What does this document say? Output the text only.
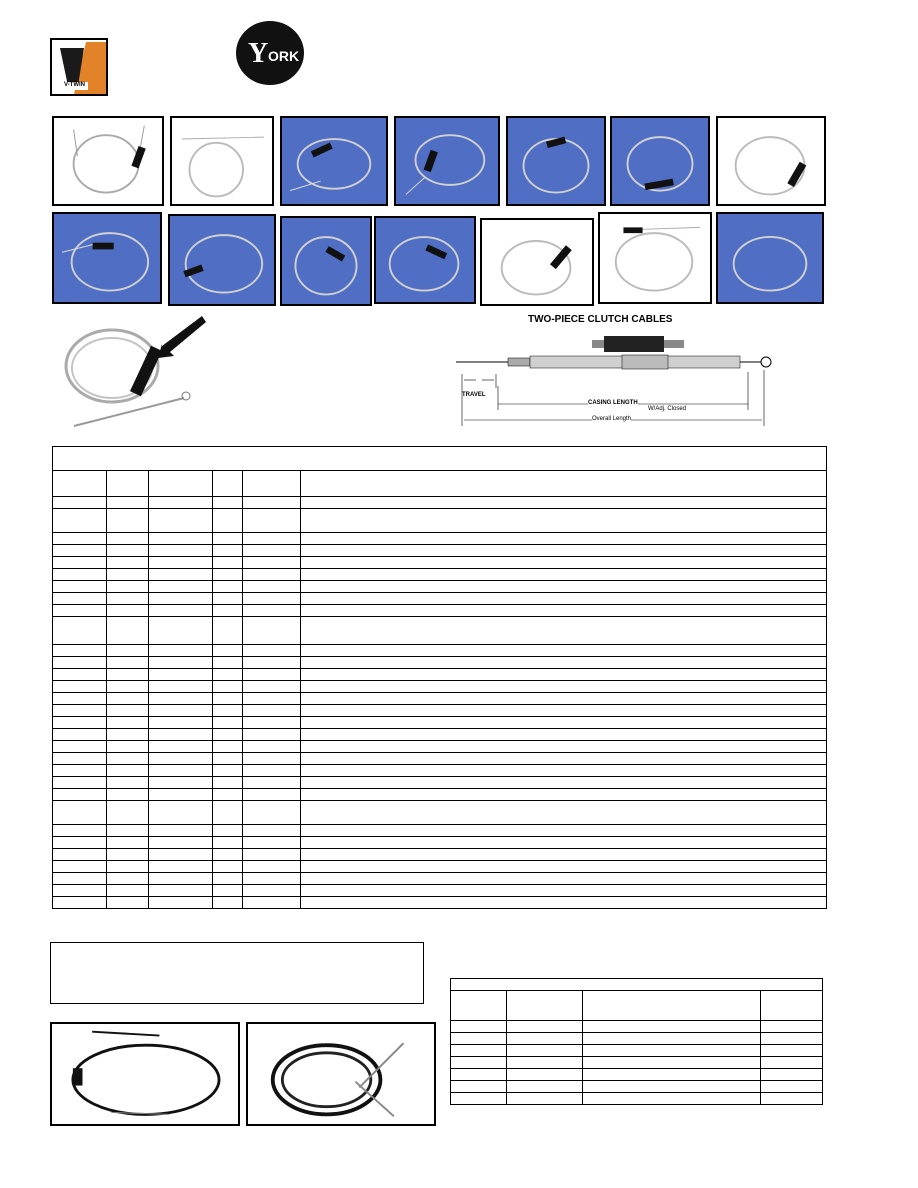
V-TWIN
Y ORK
TWO-PIECE CLUTCH CABLES
TRAVEL
CASING LENGTH
W/Adj. Closed
Overall Length
